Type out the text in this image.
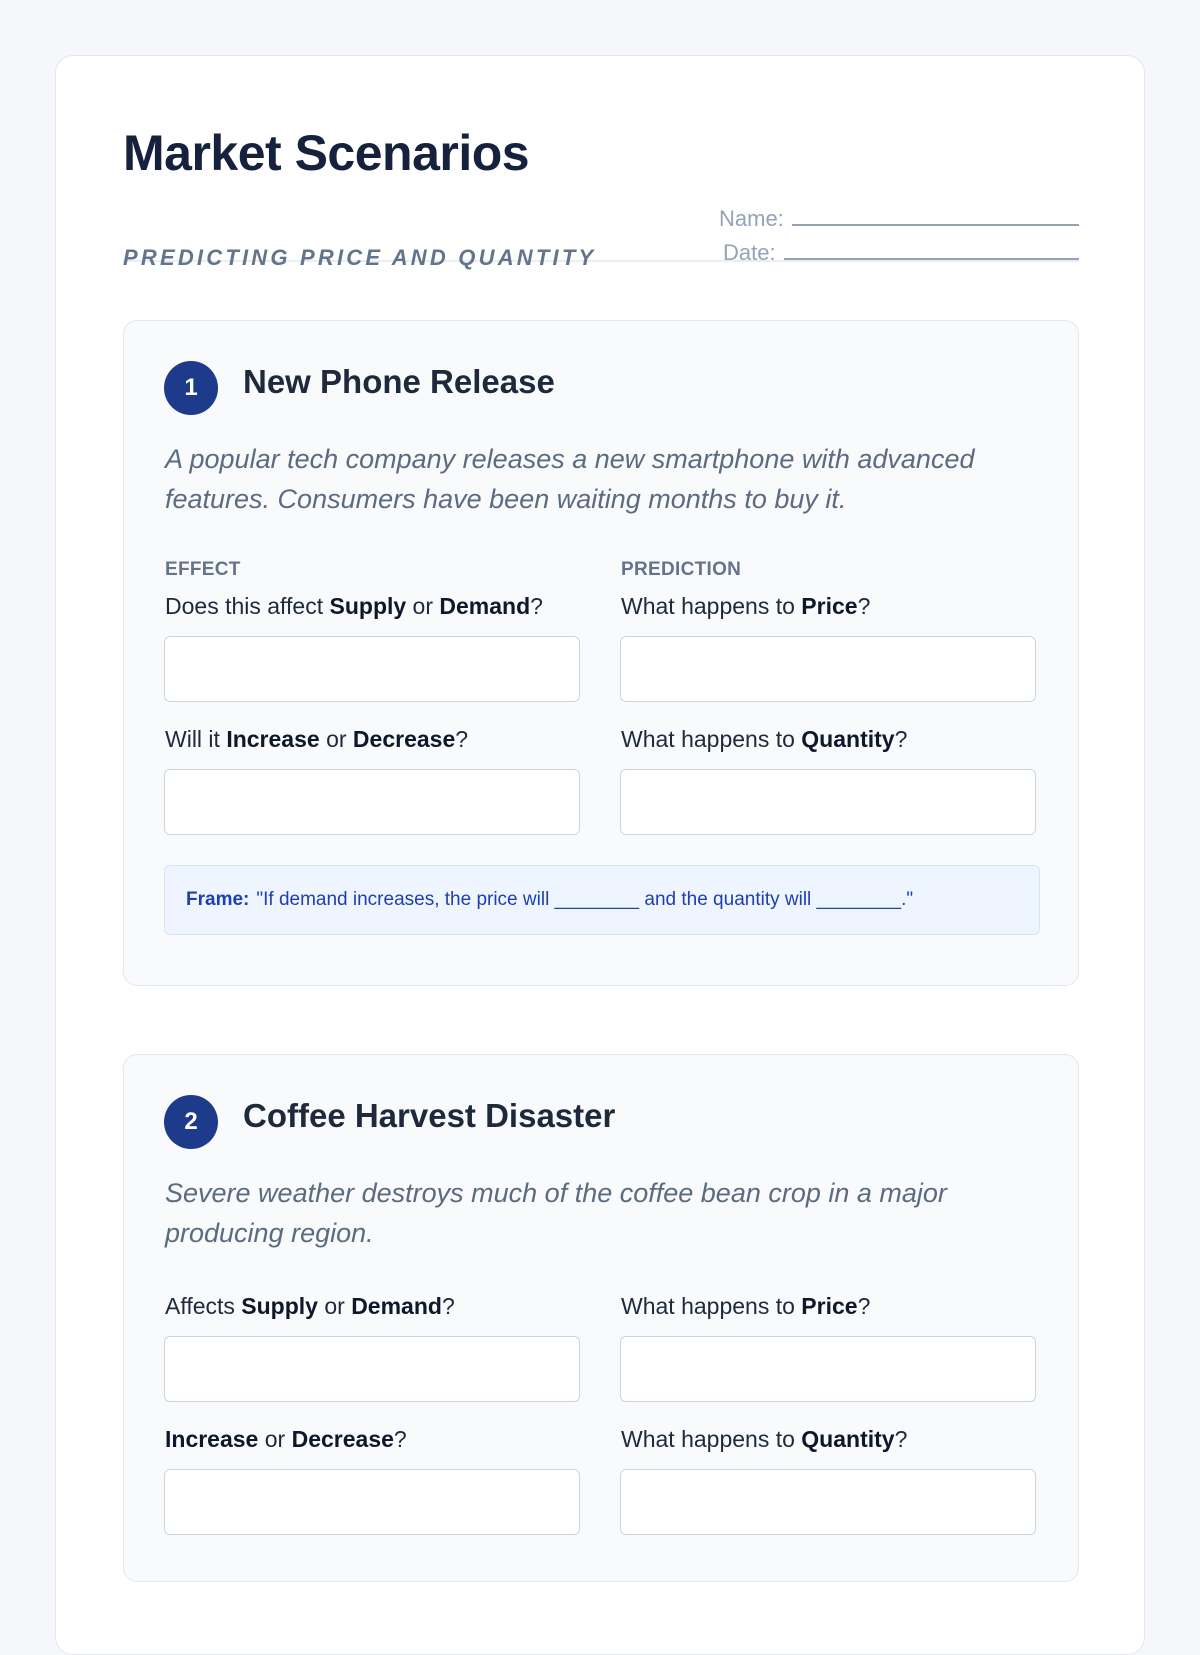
Market Scenarios

PREDICTING PRICE AND QUANTITY

Name:
Date:
1	New Phone Release

A popular tech company releases a new smartphone with advanced features. Consumers have been waiting months to buy it.

EFFECT	PREDICTION
Does this affect Supply or Demand?	What happens to Price?
Will it Increase or Decrease?	What happens to Quantity?
Frame: "If demand increases, the price will ________ and the quantity will ________."
2	Coffee Harvest Disaster

Severe weather destroys much of the coffee bean crop in a major producing region.

Affects Supply or Demand?	What happens to Price?
Increase or Decrease?	What happens to Quantity?
